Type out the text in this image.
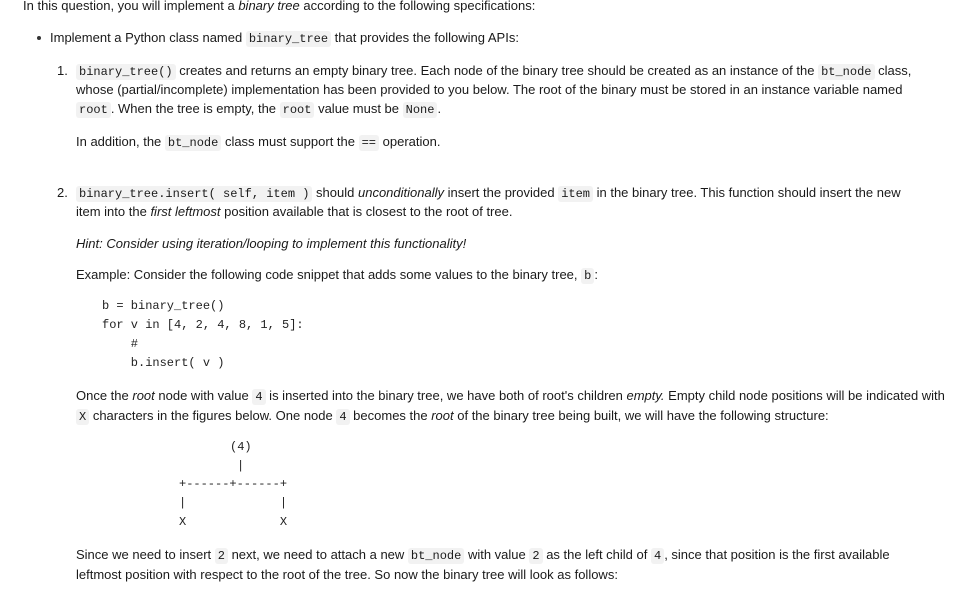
In this question, you will implement a binary tree according to the following specifications:
Implement a Python class named binary_tree that provides the following APIs:
1. binary_tree() creates and returns an empty binary tree. Each node of the binary tree should be created as an instance of the bt_node class,
whose (partial/incomplete) implementation has been provided to you below. The root of the binary must be stored in an instance variable named
root . When the tree is empty, the root value must be None .
In addition, the bt_node class must support the == operation.
2. binary_tree.insert( self, item ) should unconditionally insert the provided item in the binary tree. This function should insert the new
item into the first leftmost position available that is closest to the root of tree.
Hint: Consider using iteration/looping to implement this functionality!
Example: Consider the following code snippet that adds some values to the binary tree, b :
b = binary_tree()
for v in [4, 2, 4, 8, 1, 5]:
#
b.insert( v )
Once the root node with value 4 is inserted into the binary tree, we have both of root's children empty. Empty child node positions will be indicated with
X characters in the figures below. One node 4 becomes the root of the binary tree being built, we will have the following structure:
(4)
|
+------+------+
|             |
X             X
Since we need to insert 2 next, we need to attach a new bt_node with value 2 as the left child of 4 , since that position is the first available
leftmost position with respect to the root of the tree. So now the binary tree will look as follows:
